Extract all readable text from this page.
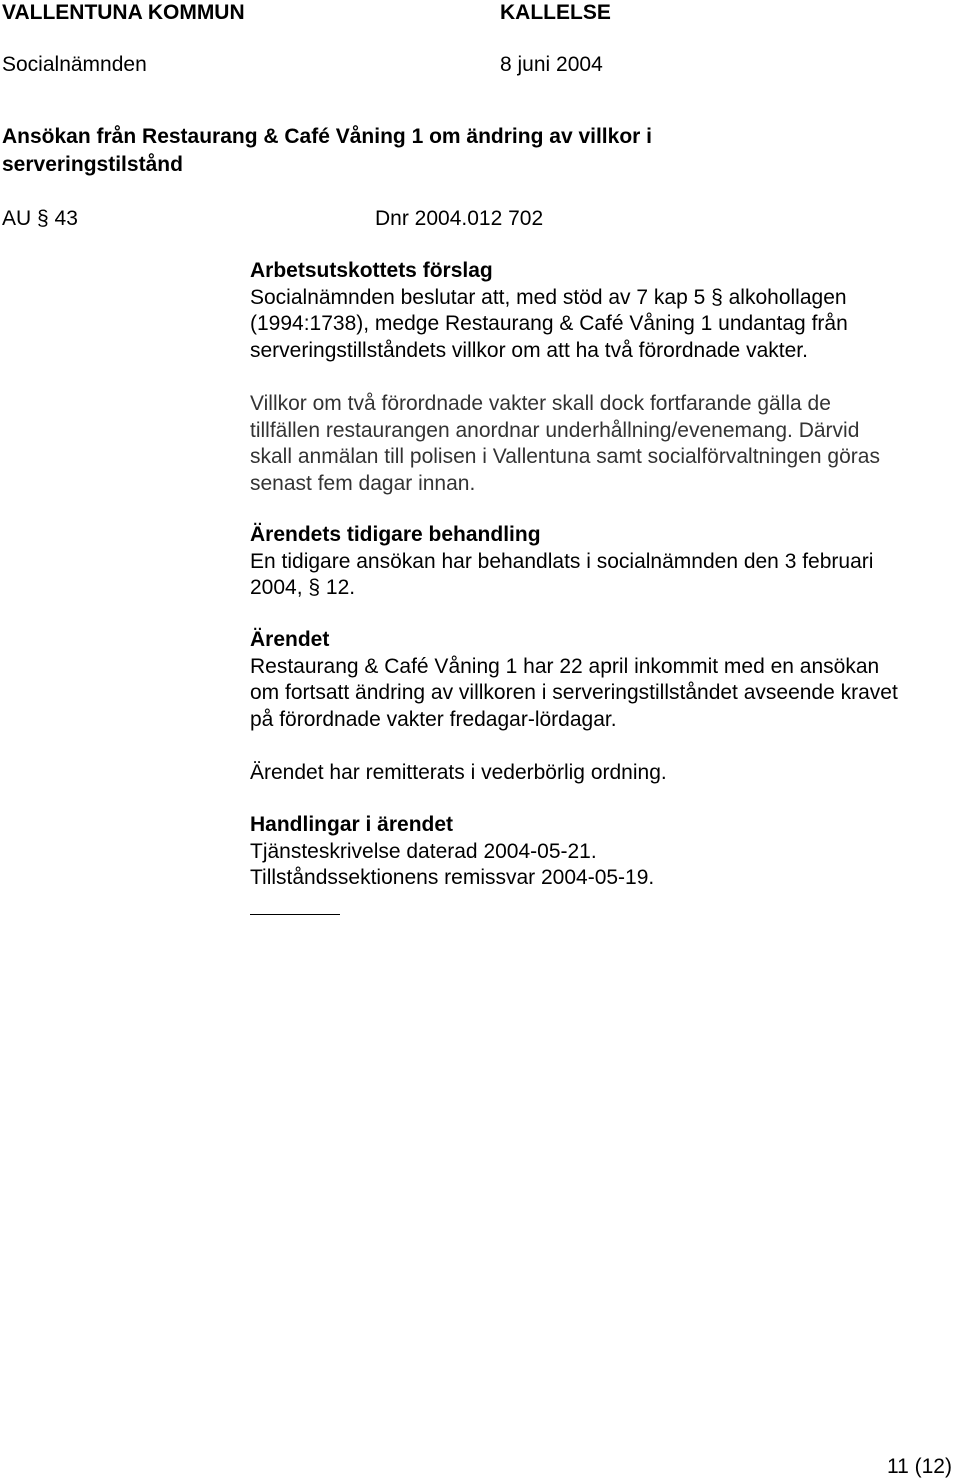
VALLENTUNA KOMMUN	KALLELSE
Socialnämnden	8 juni 2004
Ansökan från Restaurang & Café Våning 1 om ändring av villkor i
serveringstilstånd
AU § 43	Dnr 2004.012 702

Arbetsutskottets förslag

Socialnämnden beslutar att, med stöd av 7 kap 5 § alkohollagen

(1994:1738), medge Restaurang & Café Våning 1 undantag från

serveringstillståndets villkor om att ha två förordnade vakter.

Villkor om två förordnade vakter skall dock fortfarande gälla de

tillfällen restaurangen anordnar underhållning/evenemang. Därvid

skall anmälan till polisen i Vallentuna samt socialförvaltningen göras

senast fem dagar innan.

Ärendets tidigare behandling

En tidigare ansökan har behandlats i socialnämnden den 3 februari

2004, § 12.

Ärendet

Restaurang & Café Våning 1 har 22 april inkommit med en ansökan

om fortsatt ändring av villkoren i serveringstillståndet avseende kravet

på förordnade vakter fredagar-lördagar.

Ärendet har remitterats i vederbörlig ordning.

Handlingar i ärendet

Tjänsteskrivelse daterad 2004-05-21.

Tillståndssektionens remissvar 2004-05-19.

11 (12)
